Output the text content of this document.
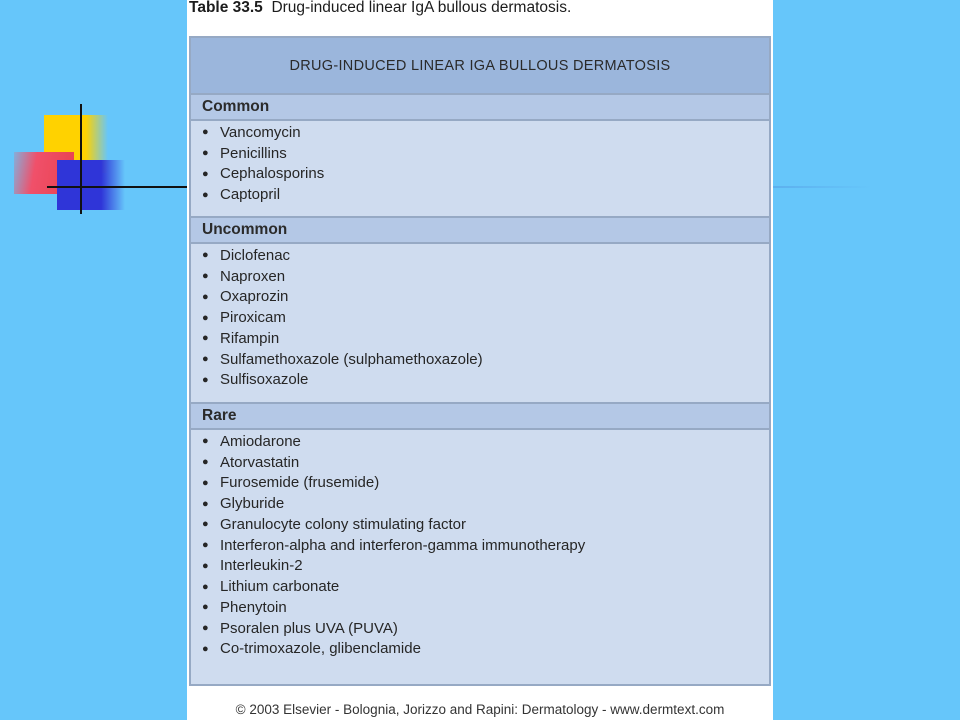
Table 33.5 Drug-induced linear IgA bullous dermatosis.
DRUG-INDUCED LINEAR IGA BULLOUS DERMATOSIS
Common
● Vancomycin
● Penicillins
● Cephalosporins
● Captopril
Uncommon
● Diclofenac
● Naproxen
● Oxaprozin
● Piroxicam
● Rifampin
● Sulfamethoxazole (sulphamethoxazole)
● Sulfisoxazole
Rare
● Amiodarone
● Atorvastatin
● Furosemide (frusemide)
● Glyburide
● Granulocyte colony stimulating factor
● Interferon-alpha and interferon-gamma immunotherapy
● Interleukin-2
● Lithium carbonate
● Phenytoin
● Psoralen plus UVA (PUVA)
● Co-trimoxazole, glibenclamide
© 2003 Elsevier - Bolognia, Jorizzo and Rapini: Dermatology - www.dermtext.com
